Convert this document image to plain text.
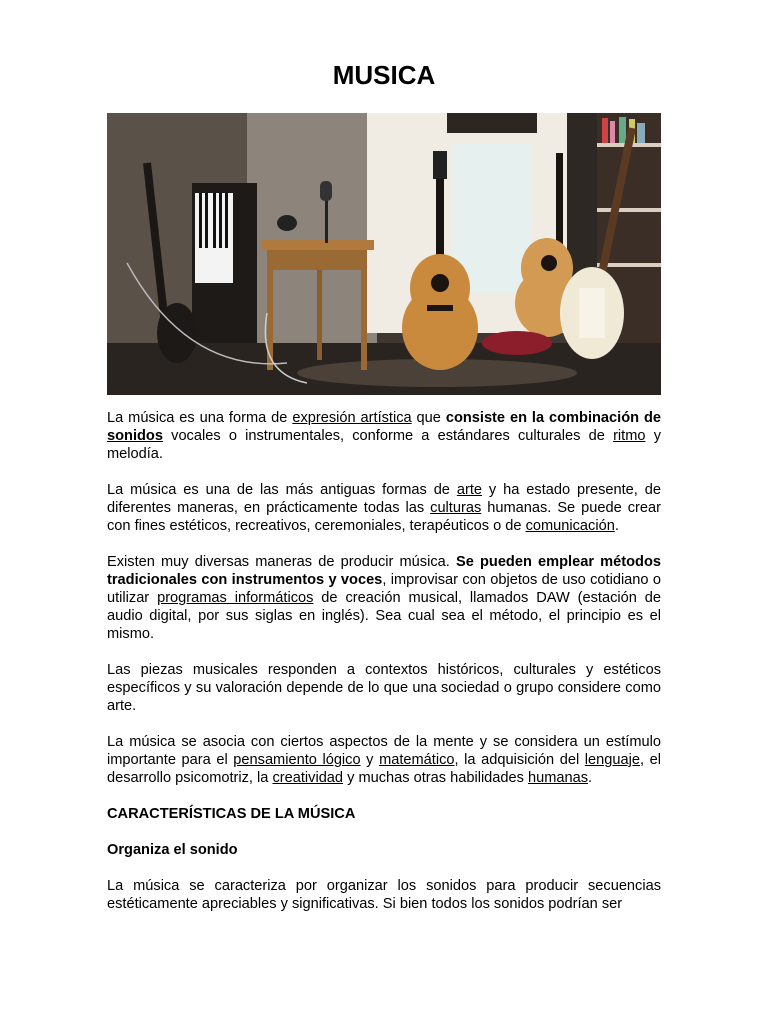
MUSICA

La música es una forma de expresión artística que consiste en la combinación de sonidos vocales o instrumentales, conforme a estándares culturales de ritmo y melodía.

La música es una de las más antiguas formas de arte y ha estado presente, de diferentes maneras, en prácticamente todas las culturas humanas. Se puede crear con fines estéticos, recreativos, ceremoniales, terapéuticos o de comunicación.

Existen muy diversas maneras de producir música. Se pueden emplear métodos tradicionales con instrumentos y voces, improvisar con objetos de uso cotidiano o utilizar programas informáticos de creación musical, llamados DAW (estación de audio digital, por sus siglas en inglés). Sea cual sea el método, el principio es el mismo.

Las piezas musicales responden a contextos históricos, culturales y estéticos específicos y su valoración depende de lo que una sociedad o grupo considere como arte.

La música se asocia con ciertos aspectos de la mente y se considera un estímulo importante para el pensamiento lógico y matemático, la adquisición del lenguaje, el desarrollo psicomotriz, la creatividad y muchas otras habilidades humanas.

CARACTERÍSTICAS DE LA MÚSICA
Organiza el sonido

La música se caracteriza por organizar los sonidos para producir secuencias estéticamente apreciables y significativas. Si bien todos los sonidos podrían ser
